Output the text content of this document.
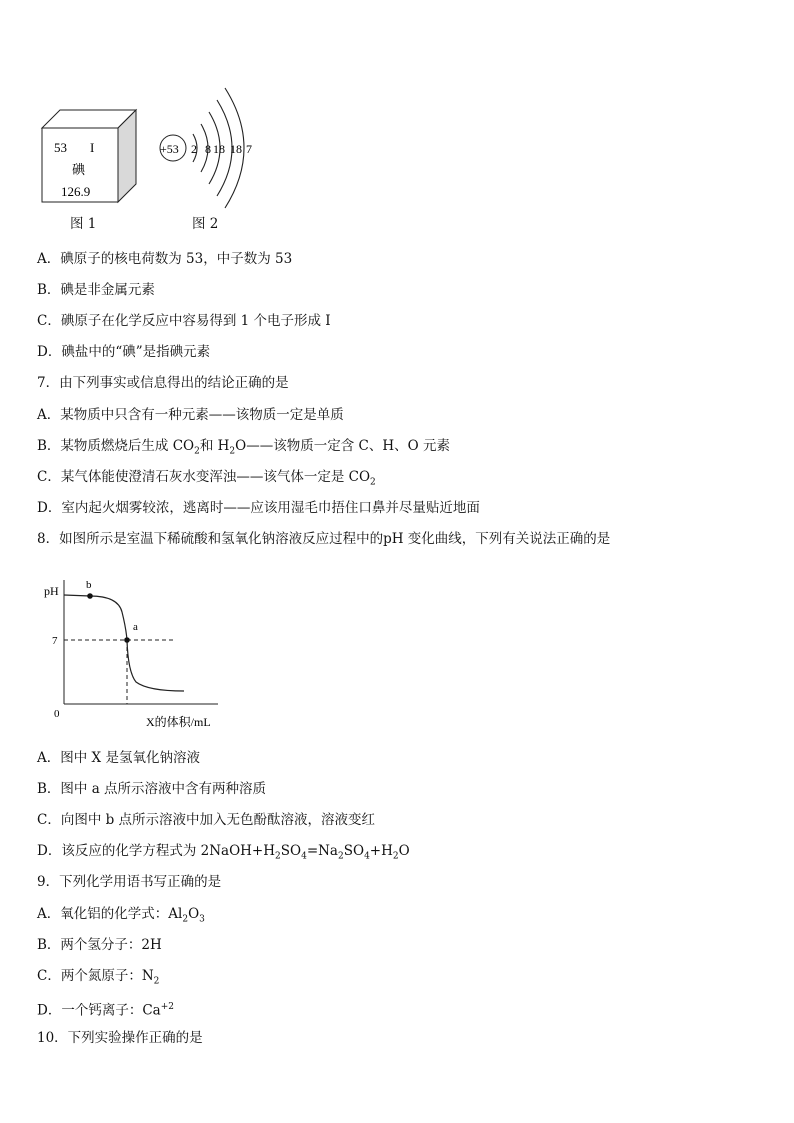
53 I
碘
126.9
图 1
+53 2 8 18 18 7
图 2
A．碘原子的核电荷数为 53，中子数为 53
B．碘是非金属元素
C．碘原子在化学反应中容易得到 1 个电子形成 I
D．碘盐中的“碘”是指碘元素
7．由下列事实或信息得出的结论正确的是
A．某物质中只含有一种元素——该物质一定是单质
B．某物质燃烧后生成 $CO_2$和 $H_2O——$该物质一定含 C、H、O 元素
C．某气体能使澄清石灰水变浑浊——该气体一定是 $CO_2$
D．室内起火烟雾较浓，逃离时——应该用湿毛巾捂住口鼻并尽量贴近地面
8．如图所示是室温下稀硫酸和氢氧化钠溶液反应过程中的pH 变化曲线，下列有关说法正确的是
pH
0
7
b
a
X的体积/mL
A．图中 X 是氢氧化钠溶液
B．图中 a 点所示溶液中含有两种溶质
C．向图中 b 点所示溶液中加入无色酚酞溶液，溶液变红
D．该反应的化学方程式为 $2NaOH+H_2SO_4=Na_2SO_4+H_2O$
9．下列化学用语书写正确的是
A．氧化铝的化学式：$Al_2O_3$
B．两个氢分子：2H
C．两个氮原子：$N_2$
D．一个钙离子：$Ca^{+2}$
10．下列实验操作正确的是
